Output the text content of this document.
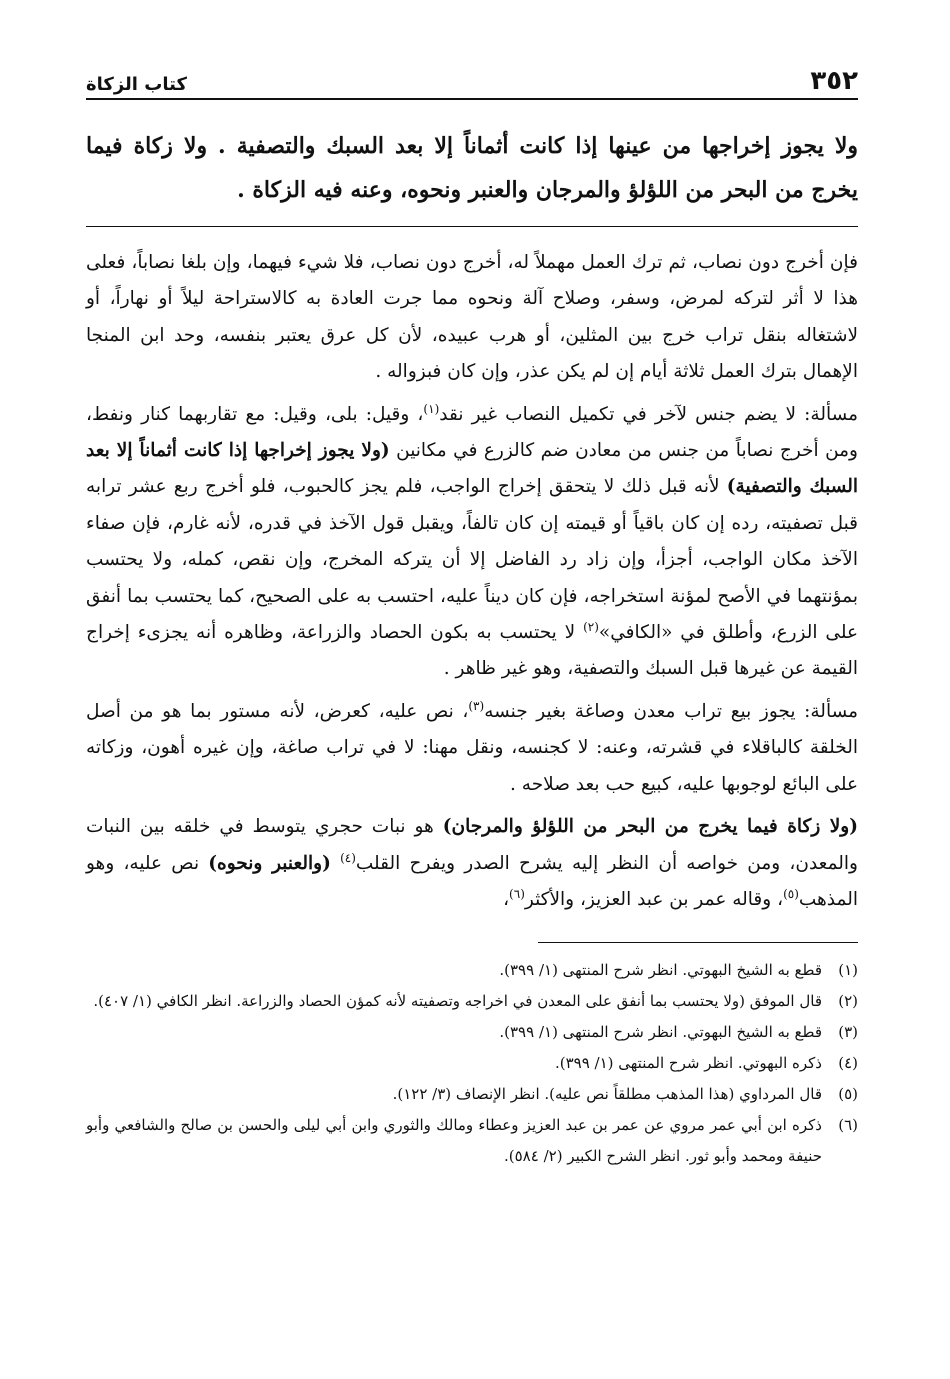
٣٥٢
كتاب الزكاة
ولا يجوز إخراجها من عينها إذا كانت أثماناً إلا بعد السبك والتصفية . ولا زكاة فيما يخرج من البحر من اللؤلؤ والمرجان والعنبر ونحوه، وعنه فيه الزكاة .

فإن أخرج دون نصاب، ثم ترك العمل مهملاً له، أخرج دون نصاب، فلا شيء فيهما، وإن بلغا نصاباً، فعلى هذا لا أثر لتركه لمرض، وسفر، وصلاح آلة ونحوه مما جرت العادة به كالاستراحة ليلاً أو نهاراً، أو لاشتغاله بنقل تراب خرج بين المثلين، أو هرب عبيده، لأن كل عرق يعتبر بنفسه، وحد ابن المنجا الإهمال بترك العمل ثلاثة أيام إن لم يكن عذر، وإن كان فبزواله .

مسألة: لا يضم جنس لآخر في تكميل النصاب غير نقد$^{(١)}$، وقيل: بلى، وقيل: مع تقاربهما كنار ونفط، ومن أخرج نصاباً من جنس من معادن ضم كالزرع في مكانين (ولا يجوز إخراجها إذا كانت أثماناً إلا بعد السبك والتصفية) لأنه قبل ذلك لا يتحقق إخراج الواجب، فلم يجز كالحبوب، فلو أخرج ربع عشر ترابه قبل تصفيته، رده إن كان باقياً أو قيمته إن كان تالفاً، ويقبل قول الآخذ في قدره، لأنه غارم، فإن صفاء الآخذ مكان الواجب، أجزأ، وإن زاد رد الفاضل إلا أن يتركه المخرج، وإن نقص، كمله، ولا يحتسب بمؤنتهما في الأصح لمؤنة استخراجه، فإن كان ديناً عليه، احتسب به على الصحيح، كما يحتسب بما أنفق على الزرع، وأطلق في «الكافي»$^{(٢)}$ لا يحتسب به بكون الحصاد والزراعة، وظاهره أنه يجزىء إخراج القيمة عن غيرها قبل السبك والتصفية، وهو غير ظاهر .

مسألة: يجوز بيع تراب معدن وصاغة بغير جنسه$^{(٣)}$، نص عليه، كعرض، لأنه مستور بما هو من أصل الخلقة كالباقلاء في قشرته، وعنه: لا كجنسه، ونقل مهنا: لا في تراب صاغة، وإن غيره أهون، وزكاته على البائع لوجوبها عليه، كبيع حب بعد صلاحه .

(ولا زكاة فيما يخرج من البحر من اللؤلؤ والمرجان) هو نبات حجري يتوسط في خلقه بين النبات والمعدن، ومن خواصه أن النظر إليه يشرح الصدر ويفرح القلب$^{(٤)}$ (والعنبر ونحوه) نص عليه، وهو المذهب$^{(٥)}$، وقاله عمر بن عبد العزيز، والأكثر$^{(٦)}$،

(١)
قطع به الشيخ البهوتي. انظر شرح المنتهى (١/ ٣٩٩).
(٢)
قال الموفق (ولا يحتسب بما أنفق على المعدن في اخراجه وتصفيته لأنه كمؤن الحصاد والزراعة. انظر الكافي (١/ ٤٠٧).
(٣)
قطع به الشيخ البهوتي. انظر شرح المنتهى (١/ ٣٩٩).
(٤)
ذكره البهوتي. انظر شرح المنتهى (١/ ٣٩٩).
(٥)
قال المرداوي (هذا المذهب مطلقاً نص عليه). انظر الإنصاف (٣/ ١٢٢).
(٦)
ذكره ابن أبي عمر مروي عن عمر بن عبد العزيز وعطاء ومالك والثوري وابن أبي ليلى والحسن بن صالح والشافعي وأبو حنيفة ومحمد وأبو ثور. انظر الشرح الكبير (٢/ ٥٨٤).
